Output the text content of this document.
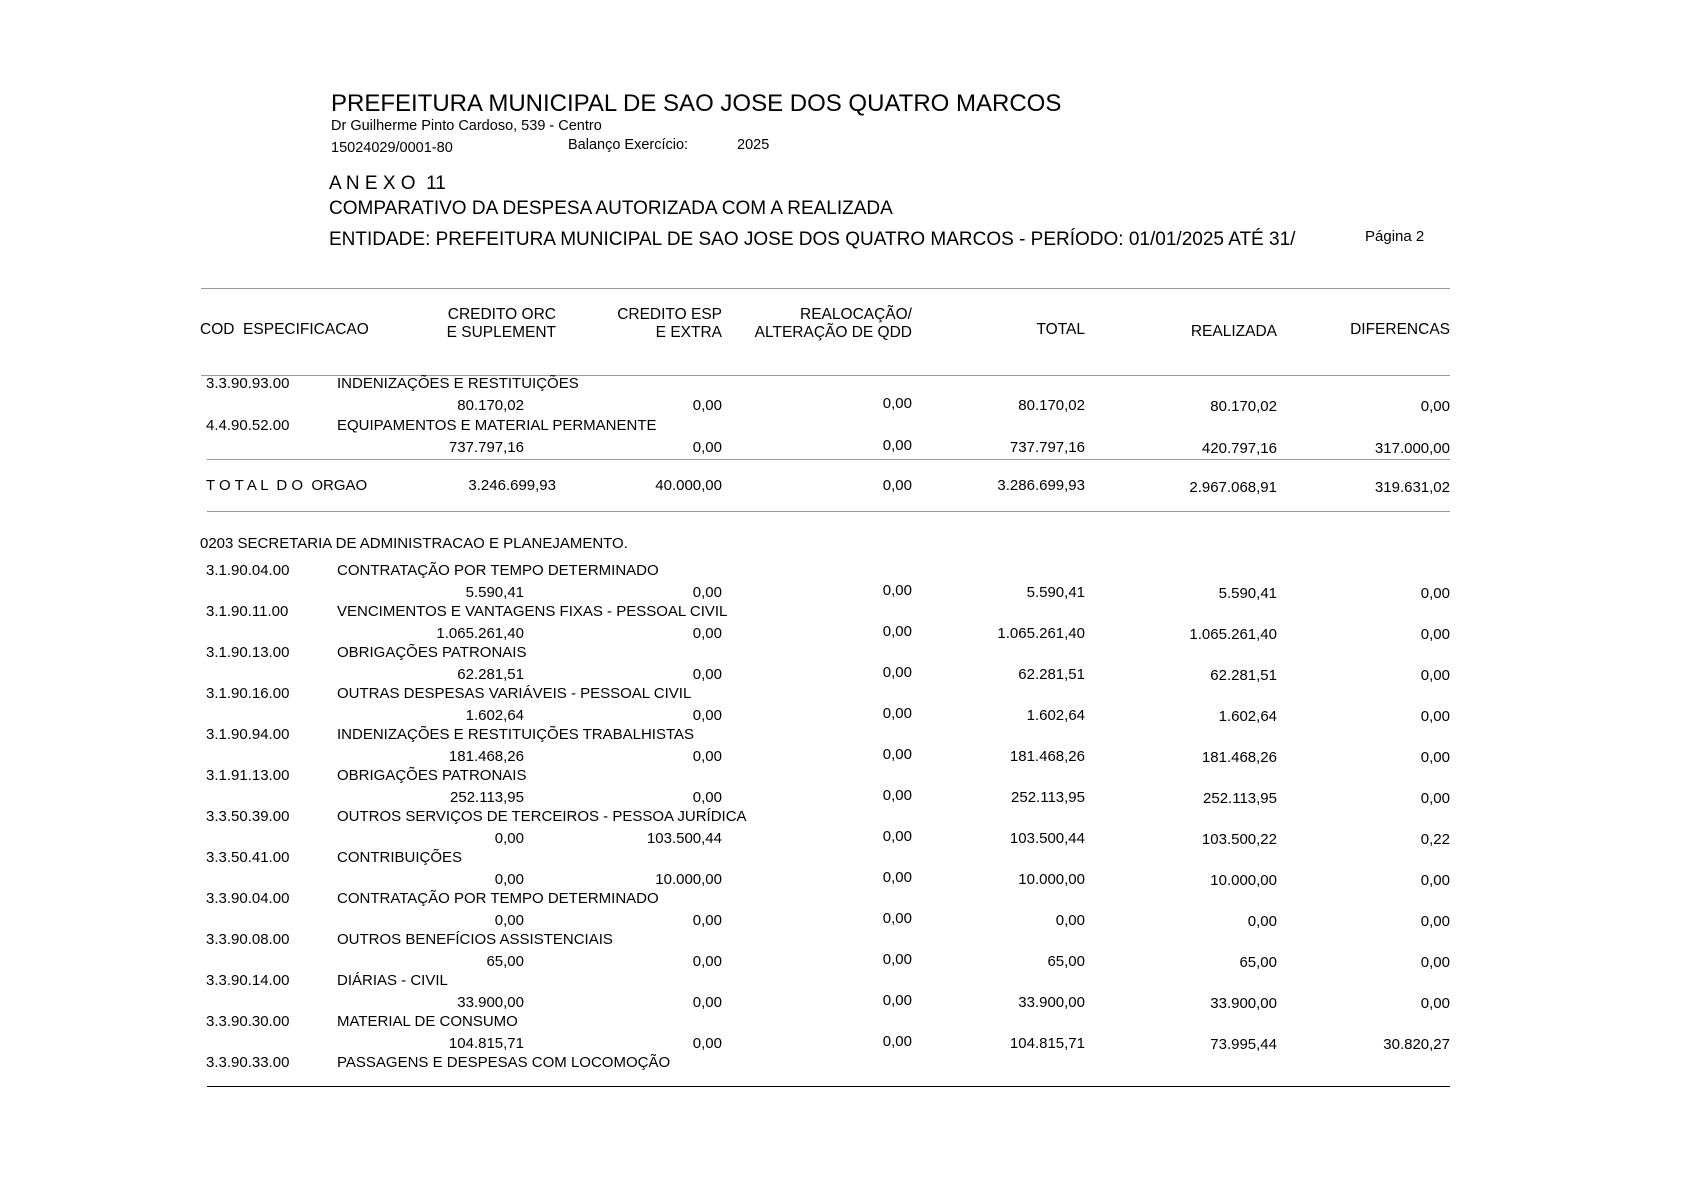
PREFEITURA MUNICIPAL DE SAO JOSE DOS QUATRO MARCOS
Dr Guilherme Pinto Cardoso, 539 - Centro
15024029/0001-80	Balanço Exercício:	2025
A N E X O  11
COMPARATIVO DA DESPESA AUTORIZADA COM A REALIZADA
ENTIDADE: PREFEITURA MUNICIPAL DE SAO JOSE DOS QUATRO MARCOS - PERÍODO: 01/01/2025 ATÉ 31/	Página 2
COD  ESPECIFICACAO
CREDITO ORC
E SUPLEMENT
CREDITO ESP
E EXTRA
REALOCAÇÃO/
ALTERAÇÃO DE QDD	TOTAL	REALIZADA	DIFERENCAS
3.3.90.93.00	INDENIZAÇÕES E RESTITUIÇÕES
80.170,02	0,00	0,00	80.170,02	80.170,02	0,00
4.4.90.52.00	EQUIPAMENTOS E MATERIAL PERMANENTE
737.797,16	0,00	0,00	737.797,16	420.797,16	317.000,00
T O T A L  D O  ORGAO	3.246.699,93	40.000,00	0,00	3.286.699,93	2.967.068,91	319.631,02
0203 SECRETARIA DE ADMINISTRACAO E PLANEJAMENTO.
3.1.90.04.00	CONTRATAÇÃO POR TEMPO DETERMINADO
5.590,41	0,00	0,00	5.590,41	5.590,41	0,00
3.1.90.11.00	VENCIMENTOS E VANTAGENS FIXAS - PESSOAL CIVIL
1.065.261,40	0,00	0,00	1.065.261,40	1.065.261,40	0,00
3.1.90.13.00	OBRIGAÇÕES PATRONAIS
62.281,51	0,00	0,00	62.281,51	62.281,51	0,00
3.1.90.16.00	OUTRAS DESPESAS VARIÁVEIS - PESSOAL CIVIL
1.602,64	0,00	0,00	1.602,64	1.602,64	0,00
3.1.90.94.00	INDENIZAÇÕES E RESTITUIÇÕES TRABALHISTAS
181.468,26	0,00	0,00	181.468,26	181.468,26	0,00
3.1.91.13.00	OBRIGAÇÕES PATRONAIS
252.113,95	0,00	0,00	252.113,95	252.113,95	0,00
3.3.50.39.00	OUTROS SERVIÇOS DE TERCEIROS - PESSOA JURÍDICA
0,00	103.500,44	0,00	103.500,44	103.500,22	0,22
3.3.50.41.00	CONTRIBUIÇÕES
0,00	10.000,00	0,00	10.000,00	10.000,00	0,00
3.3.90.04.00	CONTRATAÇÃO POR TEMPO DETERMINADO
0,00	0,00	0,00	0,00	0,00	0,00
3.3.90.08.00	OUTROS BENEFÍCIOS ASSISTENCIAIS
65,00	0,00	0,00	65,00	65,00	0,00
3.3.90.14.00	DIÁRIAS - CIVIL
33.900,00	0,00	0,00	33.900,00	33.900,00	0,00
3.3.90.30.00	MATERIAL DE CONSUMO
104.815,71	0,00	0,00	104.815,71	73.995,44	30.820,27
3.3.90.33.00	PASSAGENS E DESPESAS COM LOCOMOÇÃO
